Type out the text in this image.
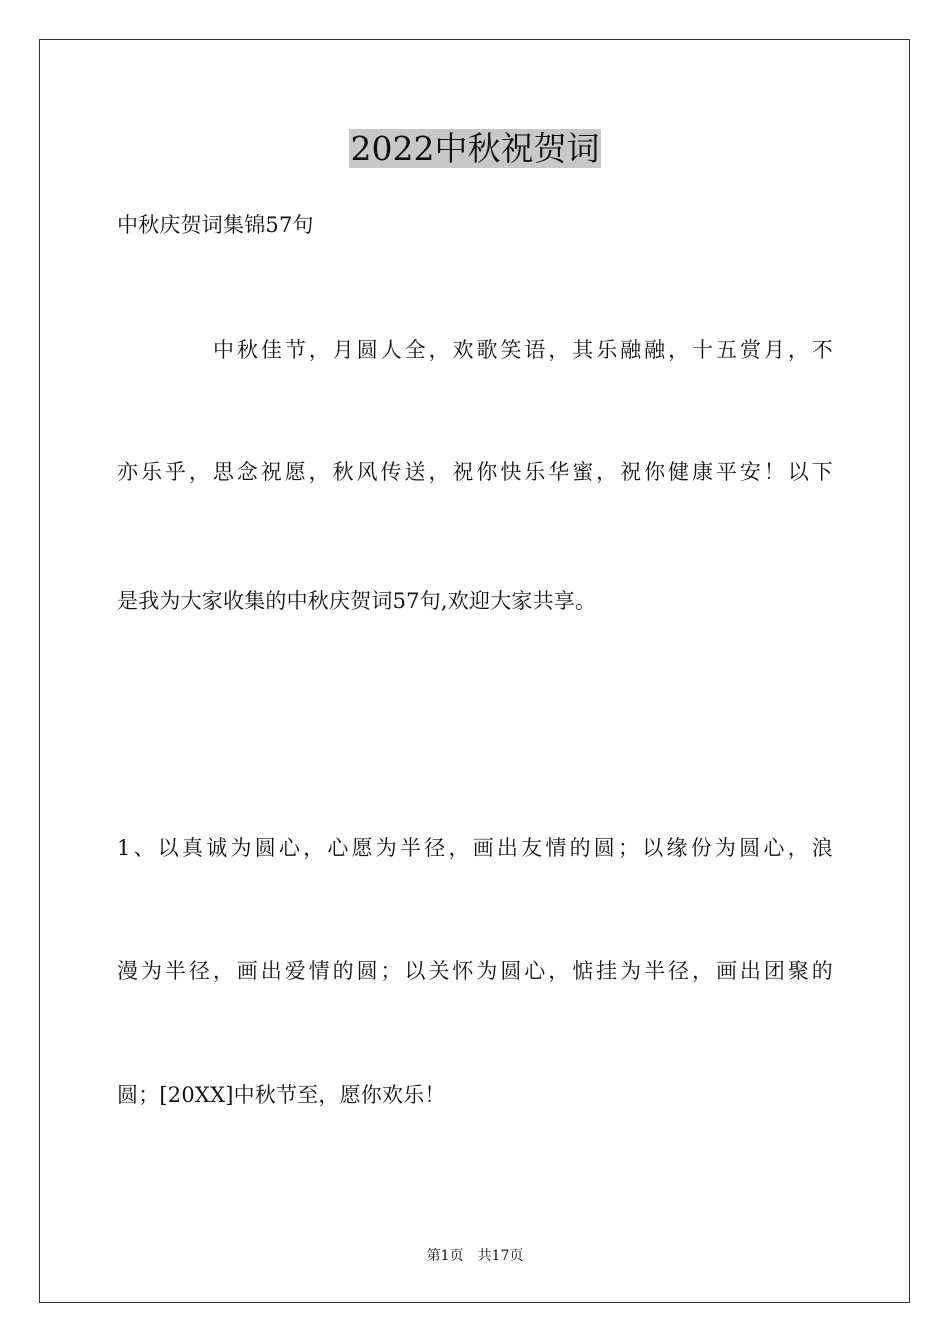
2022中秋祝贺词
中秋庆贺词集锦57句
中秋佳节，月圆人全，欢歌笑语，其乐融融，十五赏月，不
亦乐乎，思念祝愿，秋风传送，祝你快乐华蜜，祝你健康平安！以下
是我为大家收集的中秋庆贺词57句,欢迎大家共享。
1、以真诚为圆心，心愿为半径，画出友情的圆；以缘份为圆心，浪
漫为半径，画出爱情的圆；以关怀为圆心，惦挂为半径，画出团聚的
圆；[20XX]中秋节至，愿你欢乐！
第1页 共17页
